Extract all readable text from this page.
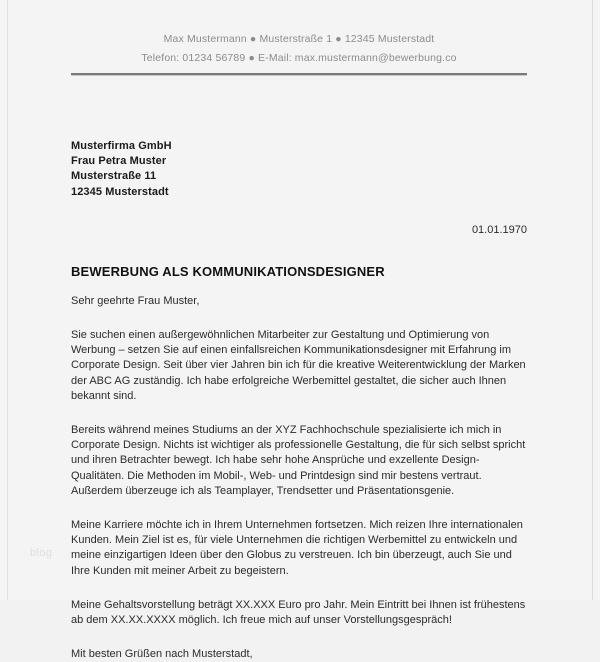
Max Mustermann ● Musterstraße 1 ● 12345 Musterstadt
Telefon: 01234 56789 ● E-Mail: max.mustermann@bewerbung.co
Musterfirma GmbH
Frau Petra Muster
Musterstraße 11
12345 Musterstadt
01.01.1970
BEWERBUNG ALS KOMMUNIKATIONSDESIGNER
Sehr geehrte Frau Muster,
Sie suchen einen außergewöhnlichen Mitarbeiter zur Gestaltung und Optimierung von Werbung – setzen Sie auf einen einfallsreichen Kommunikationsdesigner mit Erfahrung im Corporate Design. Seit über vier Jahren bin ich für die kreative Weiterentwicklung der Marken der ABC AG zuständig. Ich habe erfolgreiche Werbemittel gestaltet, die sicher auch Ihnen bekannt sind.
Bereits während meines Studiums an der XYZ Fachhochschule spezialisierte ich mich in Corporate Design. Nichts ist wichtiger als professionelle Gestaltung, die für sich selbst spricht und ihren Betrachter bewegt. Ich habe sehr hohe Ansprüche und exzellente Design-Qualitäten. Die Methoden im Mobil-, Web- und Printdesign sind mir bestens vertraut. Außerdem überzeuge ich als Teamplayer, Trendsetter und Präsentationsgenie.
Meine Karriere möchte ich in Ihrem Unternehmen fortsetzen. Mich reizen Ihre internationalen Kunden. Mein Ziel ist es, für viele Unternehmen die richtigen Werbemittel zu entwickeln und meine einzigartigen Ideen über den Globus zu verstreuen. Ich bin überzeugt, auch Sie und Ihre Kunden mit meiner Arbeit zu begeistern.
Meine Gehaltsvorstellung beträgt XX.XXX Euro pro Jahr. Mein Eintritt bei Ihnen ist frühestens ab dem XX.XX.XXXX möglich. Ich freue mich auf unser Vorstellungsgespräch!
Mit besten Grüßen nach Musterstadt,
blog
